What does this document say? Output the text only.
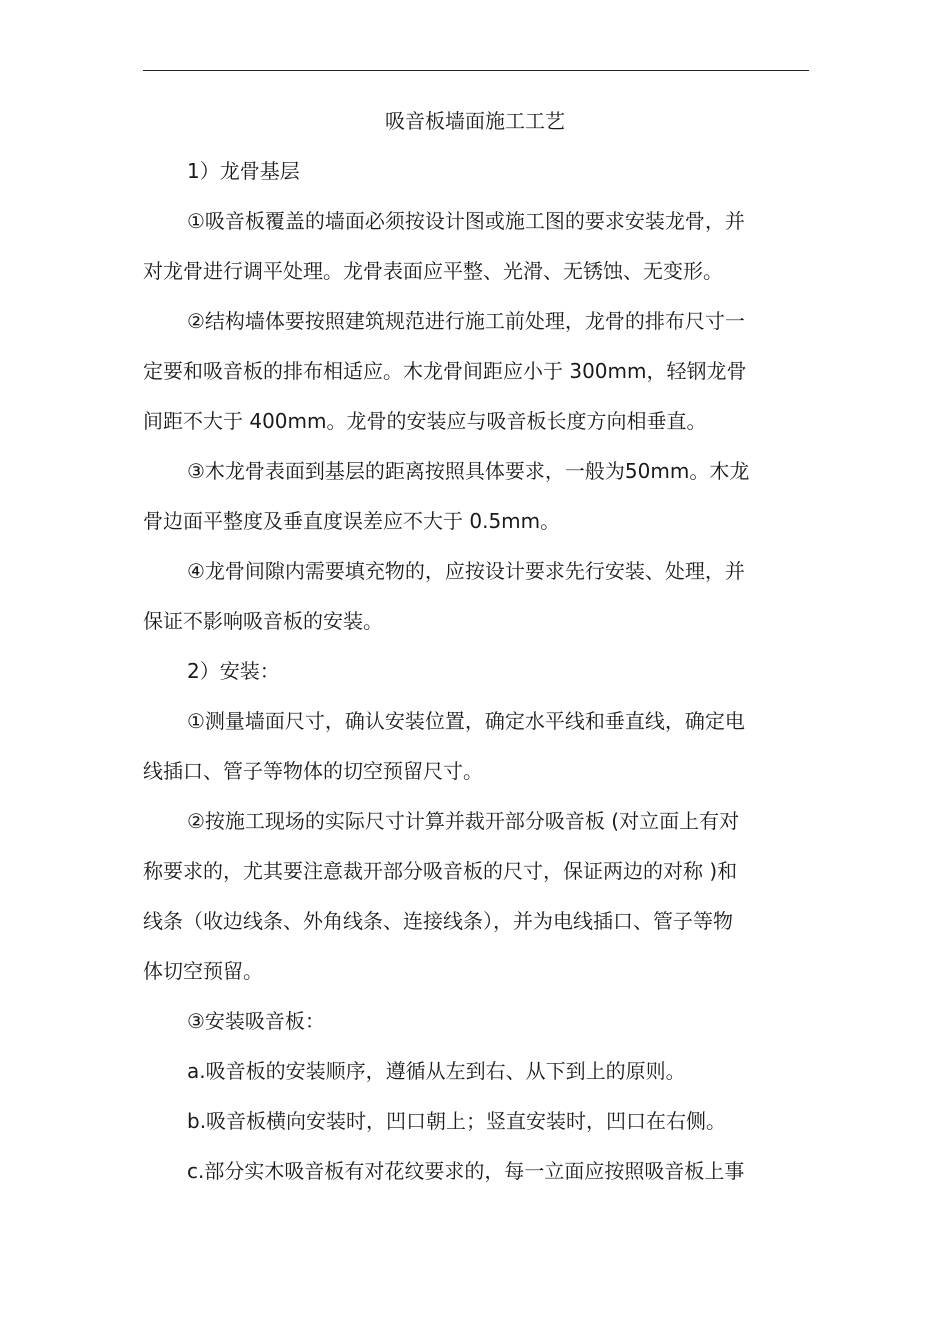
吸音板墙面施工工艺
1）龙骨基层
①吸音板覆盖的墙面必须按设计图或施工图的要求安装龙骨，并
对龙骨进行调平处理。龙骨表面应平整、光滑、无锈蚀、无变形。
②结构墙体要按照建筑规范进行施工前处理，龙骨的排布尺寸一
定要和吸音板的排布相适应。木龙骨间距应小于 300mm，轻钢龙骨
间距不大于 400mm。龙骨的安装应与吸音板长度方向相垂直。
③木龙骨表面到基层的距离按照具体要求，一般为50mm。木龙
骨边面平整度及垂直度误差应不大于 0.5mm。
④龙骨间隙内需要填充物的，应按设计要求先行安装、处理，并
保证不影响吸音板的安装。
2）安装：
①测量墙面尺寸，确认安装位置，确定水平线和垂直线，确定电
线插口、管子等物体的切空预留尺寸。
②按施工现场的实际尺寸计算并裁开部分吸音板 (对立面上有对
称要求的，尤其要注意裁开部分吸音板的尺寸，保证两边的对称 )和
线条（收边线条、外角线条、连接线条），并为电线插口、管子等物
体切空预留。
③安装吸音板：
a.吸音板的安装顺序，遵循从左到右、从下到上的原则。
b.吸音板横向安装时，凹口朝上；竖直安装时，凹口在右侧。
c.部分实木吸音板有对花纹要求的，每一立面应按照吸音板上事
